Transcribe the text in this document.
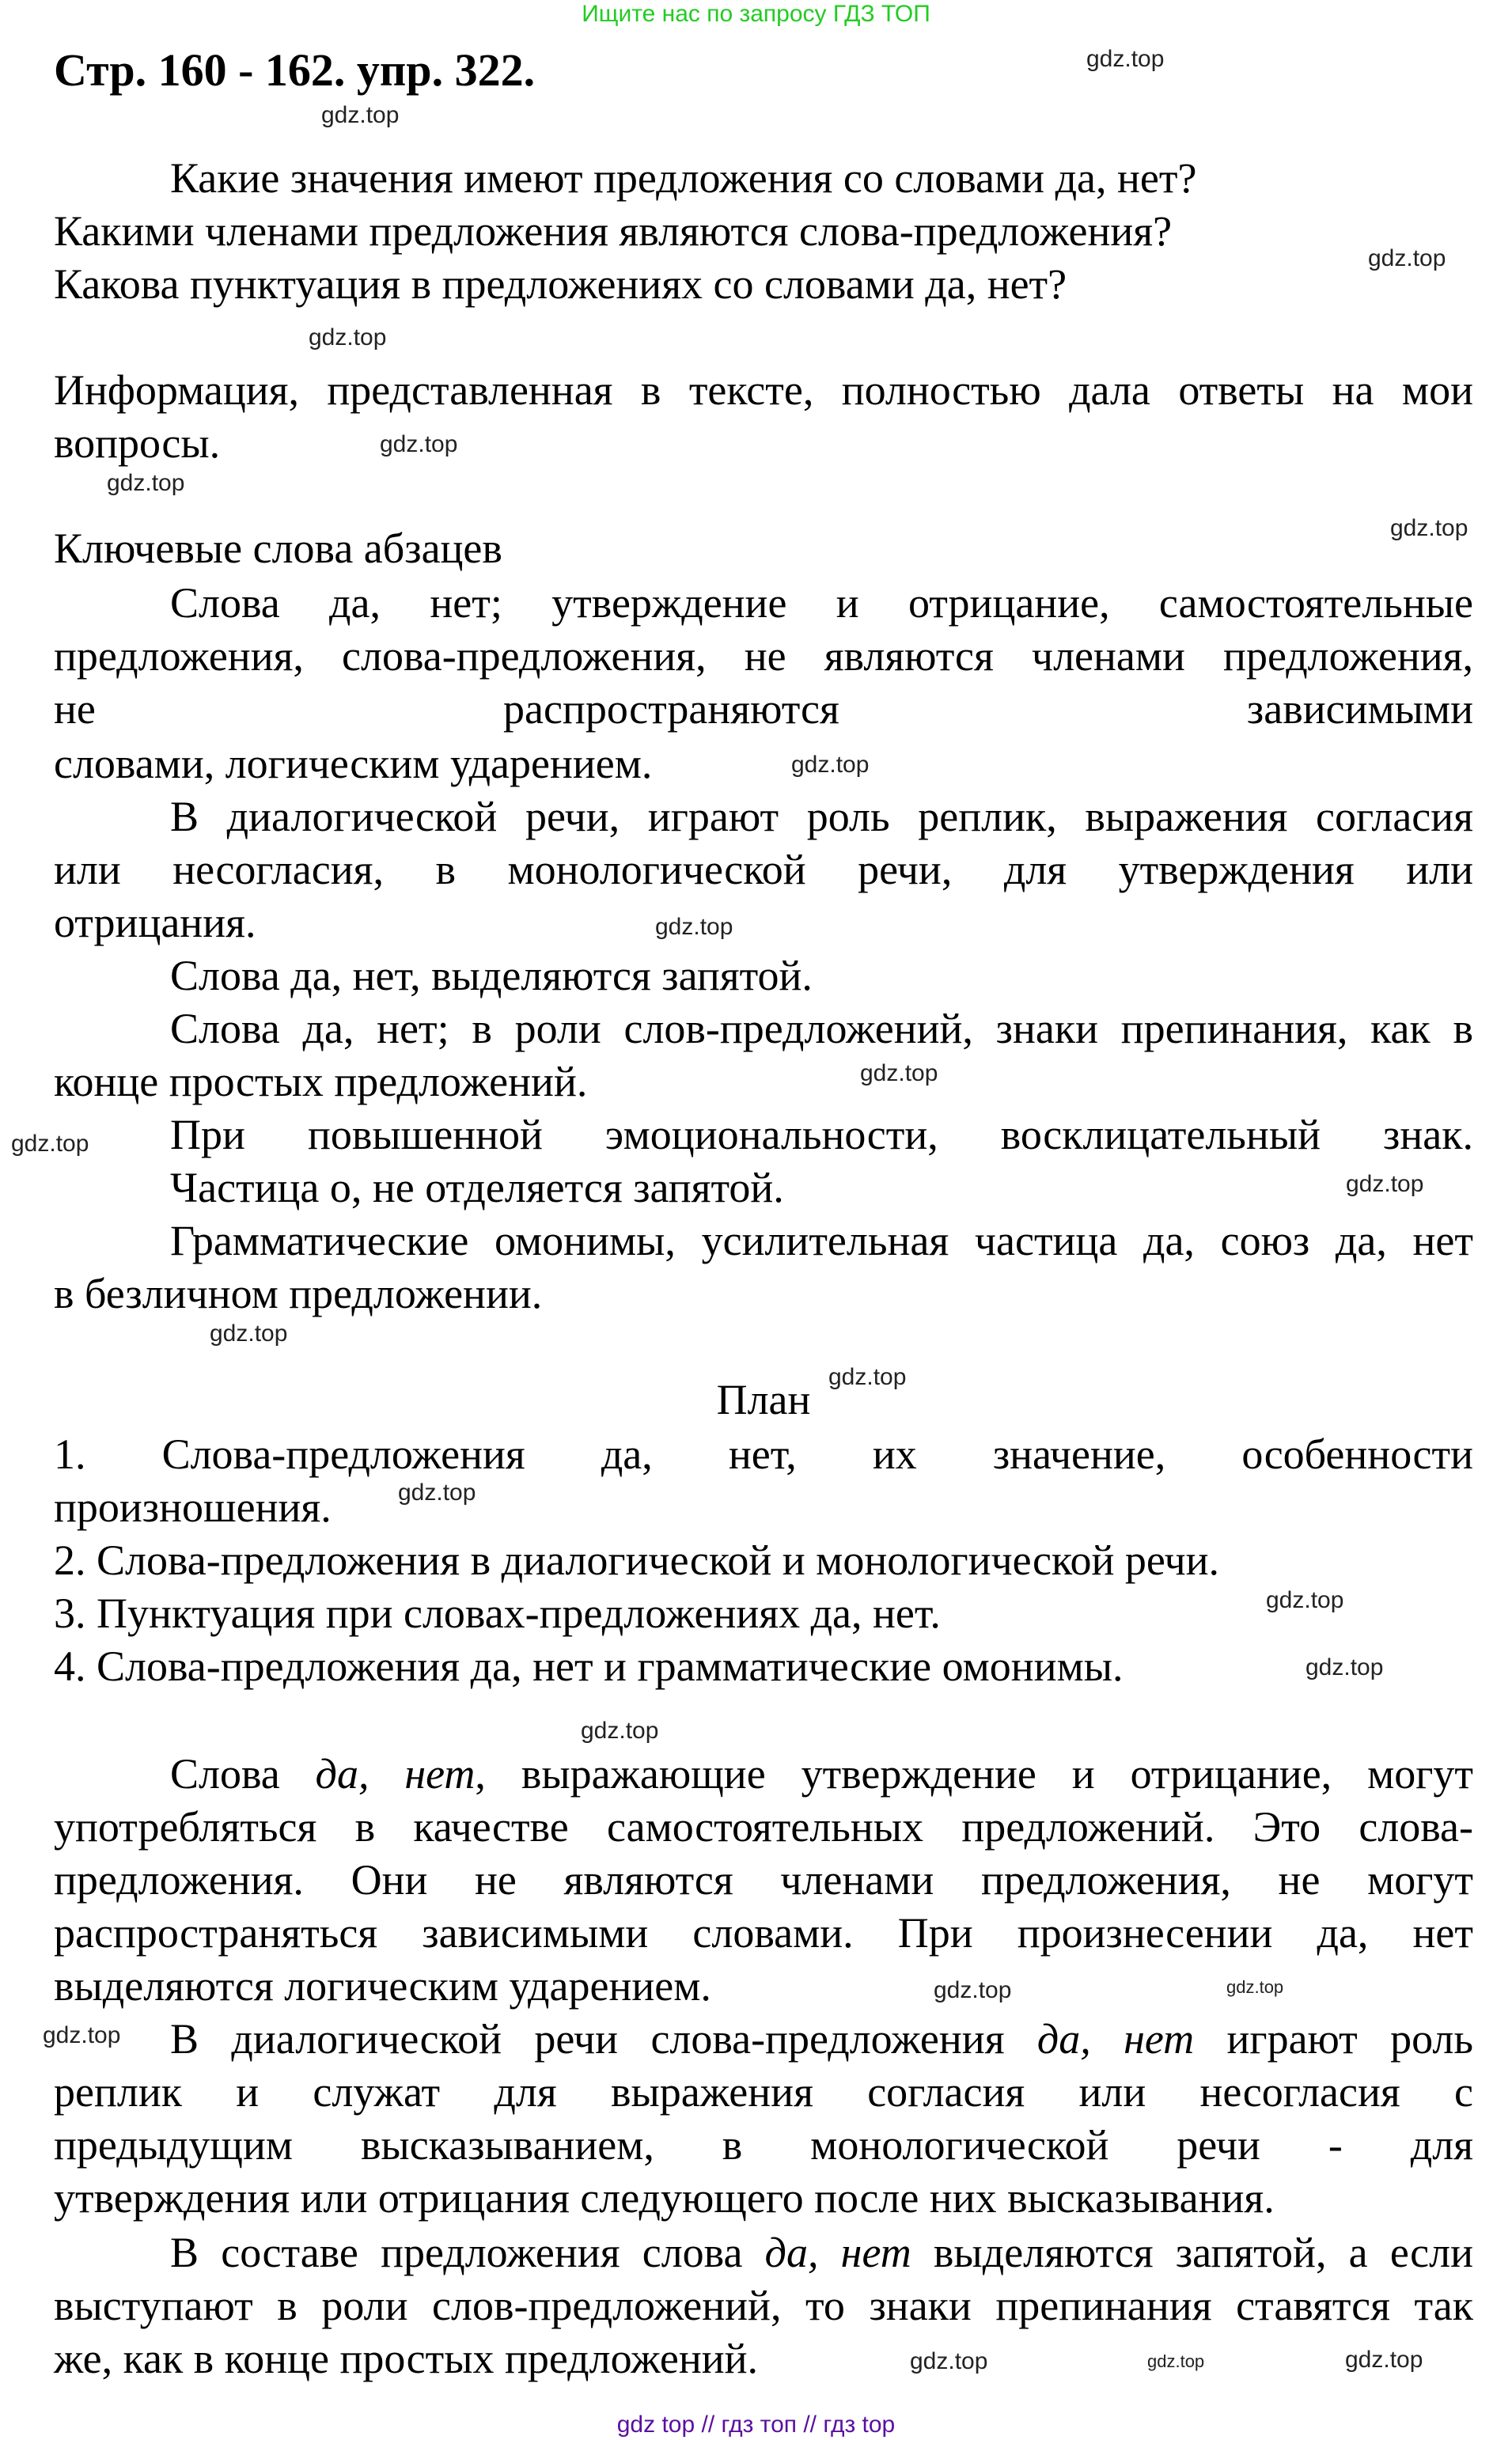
Ищите нас по запросу ГДЗ ТОП
Стр. 160 - 162. упр. 322.
Какие значения имеют предложения со словами да, нет?
Какими членами предложения являются слова-предложения?
Какова пунктуация в предложениях со словами да, нет?
Информация, представленная в тексте, полностью дала ответы на мои
вопросы.
Ключевые слова абзацев
Слова да, нет; утверждение и отрицание, самостоятельные
предложения, слова-предложения, не являются членами предложения,
не распространяются зависимыми
словами, логическим ударением.
В диалогической речи, играют роль реплик, выражения согласия
или несогласия, в монологической речи, для утверждения или
отрицания.
Слова да, нет, выделяются запятой.
Слова да, нет; в роли слов-предложений, знаки препинания, как в
конце простых предложений.
При повышенной эмоциональности, восклицательный знак.
Частица о, не отделяется запятой.
Грамматические омонимы, усилительная частица да, союз да, нет
в безличном предложении.
План
1. Слова-предложения да, нет, их значение, особенности
произношения.
2. Слова-предложения в диалогической и монологической речи.
3. Пунктуация при словах-предложениях да, нет.
4. Слова-предложения да, нет и грамматические омонимы.
Слова да, нет, выражающие утверждение и отрицание, могут
употребляться в качестве самостоятельных предложений. Это слова-
предложения. Они не являются членами предложения, не могут
распространяться зависимыми словами. При произнесении да, нет
выделяются логическим ударением.
В диалогической речи слова-предложения да, нет играют роль
реплик и служат для выражения согласия или несогласия с
предыдущим высказыванием, в монологической речи - для
утверждения или отрицания следующего после них высказывания.
В составе предложения слова да, нет выделяются запятой, а если
выступают в роли слов-предложений, то знаки препинания ставятся так
же, как в конце простых предложений.
gdz.top
gdz.top
gdz.top
gdz.top
gdz.top
gdz.top
gdz.top
gdz.top
gdz.top
gdz.top
gdz.top
gdz.top
gdz.top
gdz.top
gdz.top
gdz.top
gdz.top
gdz.top
gdz.top
gdz.top
gdz.top
gdz.top	gdz.top
gdz.top
gdz top // гдз топ // гдз top
